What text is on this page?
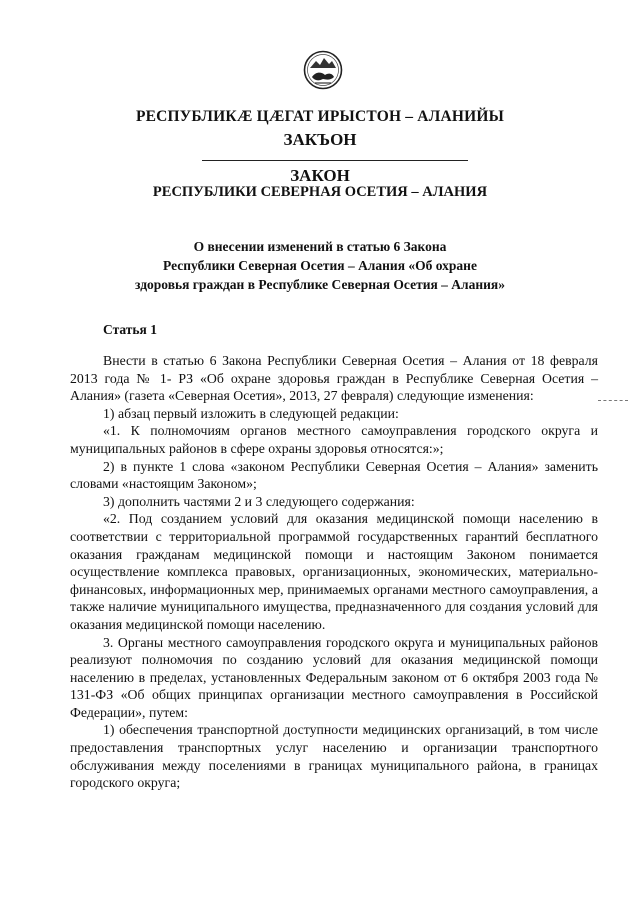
РЕСПУБЛИКÆ ЦÆГАТ ИРЫСТОН – АЛАНИЙЫ
ЗАКЪОН
ЗАКОН
РЕСПУБЛИКИ СЕВЕРНАЯ ОСЕТИЯ – АЛАНИЯ
О внесении изменений в статью 6 Закона
Республики Северная Осетия – Алания «Об охране
здоровья граждан в Республике Северная Осетия – Алания»
Статья 1

Внести в статью 6 Закона Республики Северная Осетия – Алания от 18 февраля 2013 года № 1- РЗ «Об охране здоровья граждан в Республике Северная Осетия – Алания» (газета «Северная Осетия», 2013, 27 февраля) следующие изменения:

1) абзац первый изложить в следующей редакции:

«1. К полномочиям органов местного самоуправления городского округа и муниципальных районов в сфере охраны здоровья относятся:»;

2) в пункте 1 слова «законом Республики Северная Осетия – Алания» заменить словами «настоящим Законом»;

3) дополнить частями 2 и 3 следующего содержания:

«2. Под созданием условий для оказания медицинской помощи населению в соответствии с территориальной программой государственных гарантий бесплатного оказания гражданам медицинской помощи и настоящим Законом понимается осуществление комплекса правовых, организационных, экономических, материально-финансовых, информационных мер, принимаемых органами местного самоуправления, а также наличие муниципального имущества, предназначенного для создания условий для оказания медицинской помощи населению.

3. Органы местного самоуправления городского округа и муниципальных районов реализуют полномочия по созданию условий для оказания медицинской помощи населению в пределах, установленных Федеральным законом от 6 октября 2003 года № 131-ФЗ «Об общих принципах организации местного самоуправления в Российской Федерации», путем:

1) обеспечения транспортной доступности медицинских организаций, в том числе предоставления транспортных услуг населению и организации транспортного обслуживания между поселениями в границах муниципального района, в границах городского округа;
